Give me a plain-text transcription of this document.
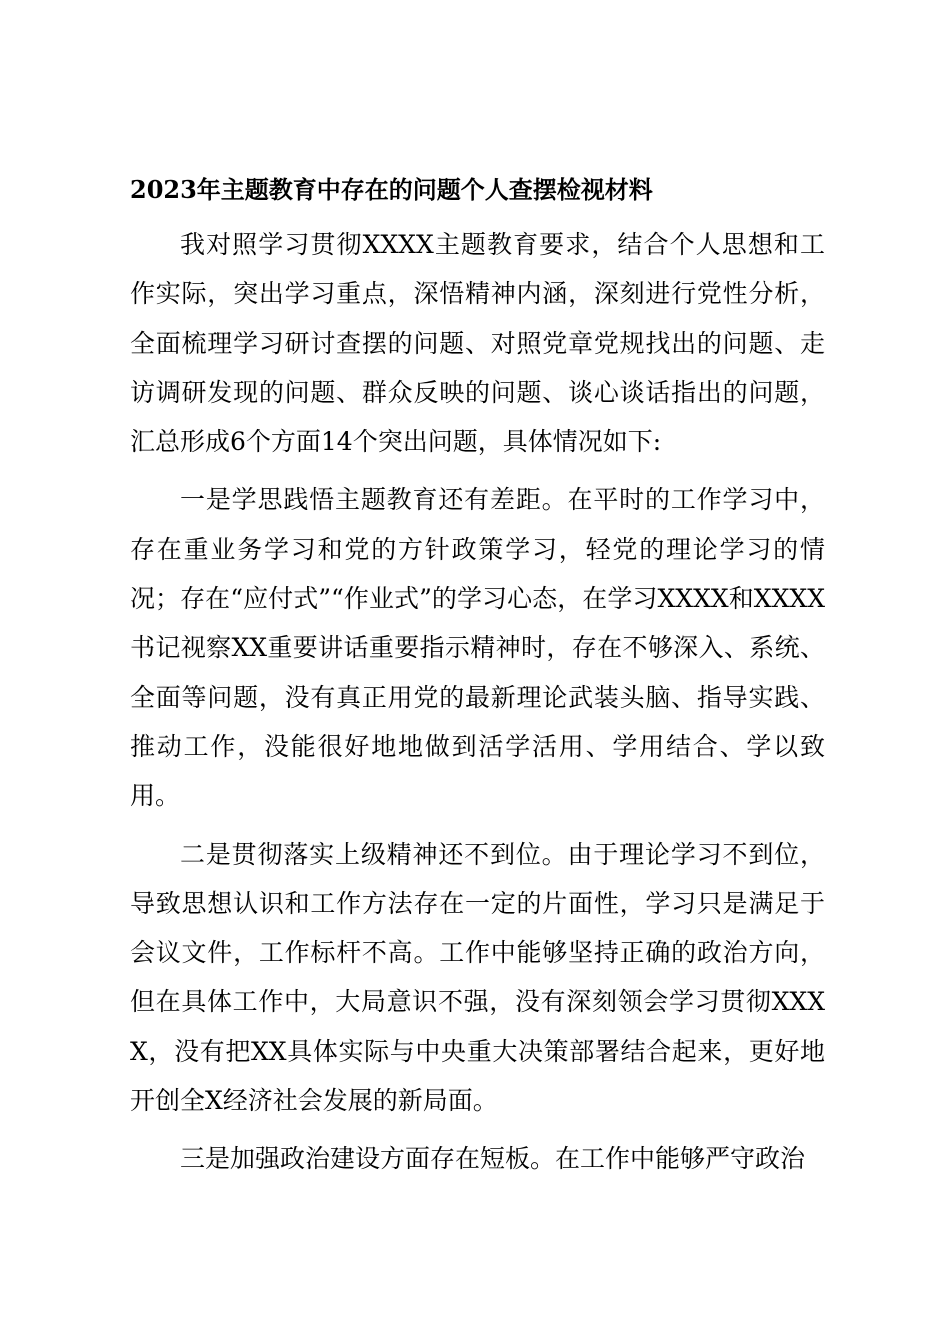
2023年主题教育中存在的问题个人查摆检视材料

我对照学习贯彻XXXX主题教育要求，结合个人思想和工作实际，突出学习重点，深悟精神内涵，深刻进行党性分析，全面梳理学习研讨查摆的问题、对照党章党规找出的问题、走访调研发现的问题、群众反映的问题、谈心谈话指出的问题，汇总形成6个方面14个突出问题，具体情况如下:

一是学思践悟主题教育还有差距。在平时的工作学习中，存在重业务学习和党的方针政策学习，轻党的理论学习的情况；存在“应付式”“作业式”的学习心态，在学习XXXX和XXXX书记视察XX重要讲话重要指示精神时，存在不够深入、系统、全面等问题，没有真正用党的最新理论武装头脑、指导实践、推动工作，没能很好地地做到活学活用、学用结合、学以致用。

二是贯彻落实上级精神还不到位。由于理论学习不到位，导致思想认识和工作方法存在一定的片面性，学习只是满足于会议文件，工作标杆不高。工作中能够坚持正确的政治方向，但在具体工作中，大局意识不强，没有深刻领会学习贯彻XXXX，没有把XX具体实际与中央重大决策部署结合起来，更好地开创全X经济社会发展的新局面。

三是加强政治建设方面存在短板。在工作中能够严守政治
